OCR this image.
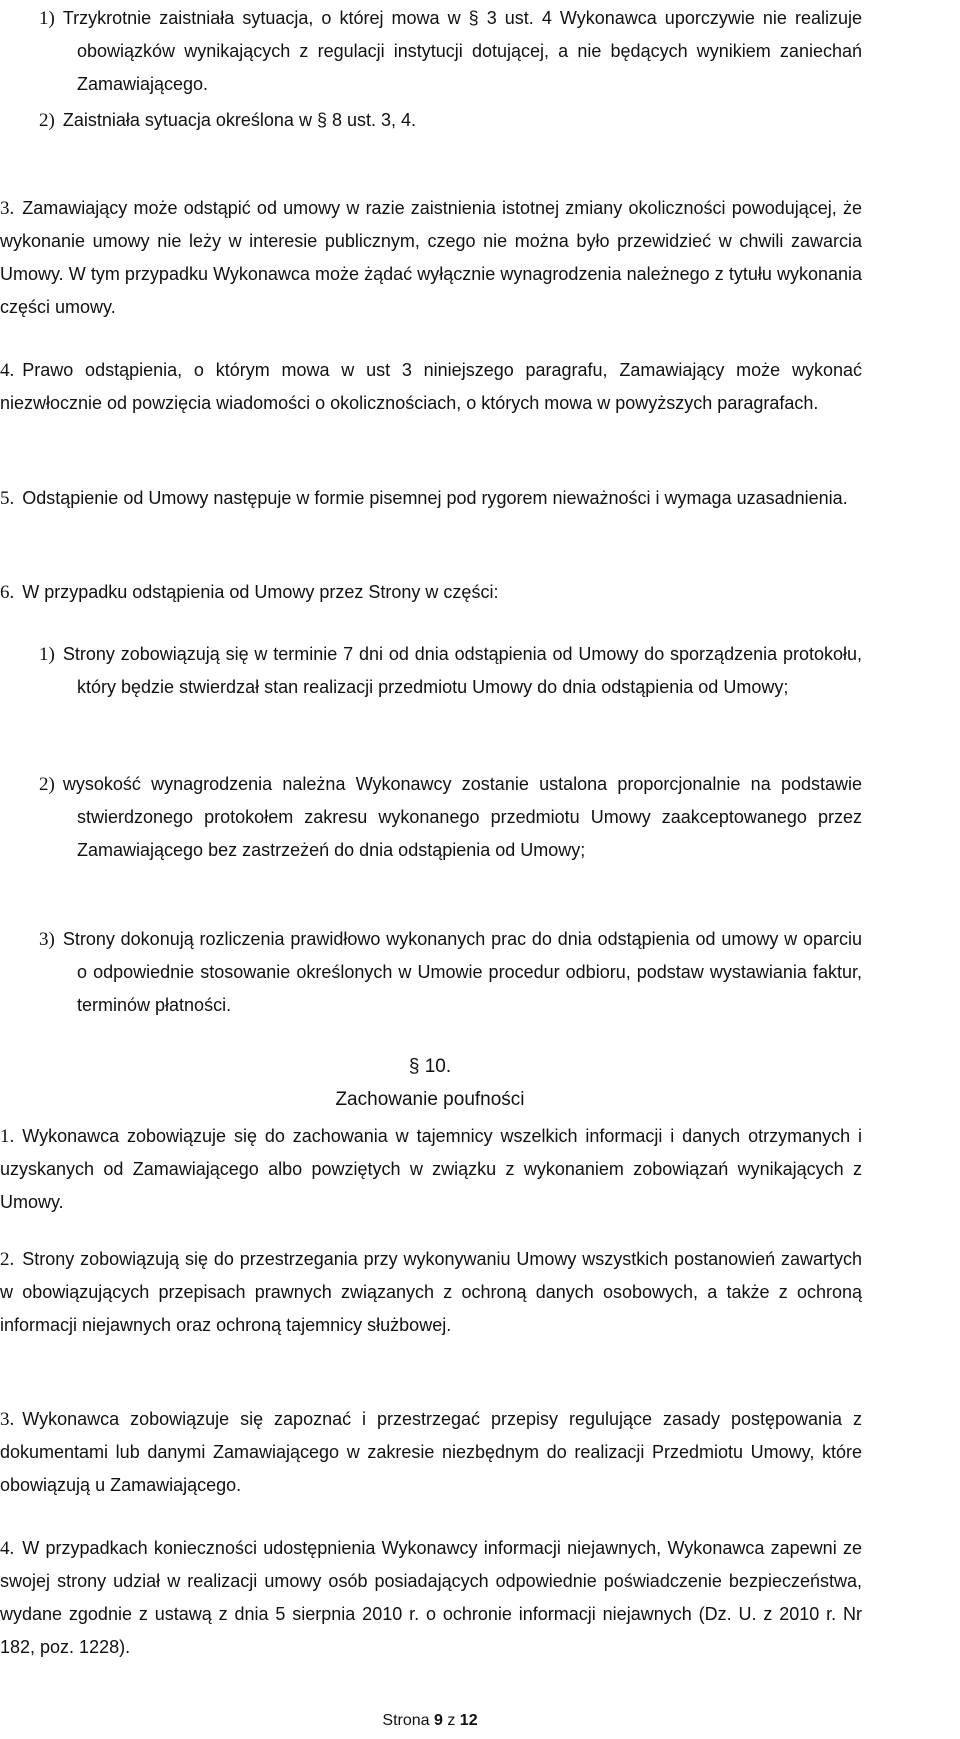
1) Trzykrotnie zaistniała sytuacja, o której mowa w § 3 ust. 4 Wykonawca uporczywie nie realizuje obowiązków wynikających z regulacji instytucji dotującej, a nie będących wynikiem zaniechań Zamawiającego.

2) Zaistniała sytuacja określona w § 8 ust. 3, 4.

3. Zamawiający może odstąpić od umowy w razie zaistnienia istotnej zmiany okoliczności powodującej, że wykonanie umowy nie leży w interesie publicznym, czego nie można było przewidzieć w chwili zawarcia Umowy. W tym przypadku Wykonawca może żądać wyłącznie wynagrodzenia należnego z tytułu wykonania części umowy.

4. Prawo odstąpienia, o którym mowa w ust 3 niniejszego paragrafu, Zamawiający może wykonać niezwłocznie od powzięcia wiadomości o okolicznościach, o których mowa w powyższych paragrafach.

5. Odstąpienie od Umowy następuje w formie pisemnej pod rygorem nieważności i wymaga uzasadnienia.

6. W przypadku odstąpienia od Umowy przez Strony w części:

1) Strony zobowiązują się w terminie 7 dni od dnia odstąpienia od Umowy do sporządzenia protokołu, który będzie stwierdzał stan realizacji przedmiotu Umowy do dnia odstąpienia od Umowy;

2) wysokość wynagrodzenia należna Wykonawcy zostanie ustalona proporcjonalnie na podstawie stwierdzonego protokołem zakresu wykonanego przedmiotu Umowy zaakceptowanego przez Zamawiającego bez zastrzeżeń do dnia odstąpienia od Umowy;

3) Strony dokonują rozliczenia prawidłowo wykonanych prac do dnia odstąpienia od umowy w oparciu o odpowiednie stosowanie określonych w Umowie procedur odbioru, podstaw wystawiania faktur, terminów płatności.

§ 10.

Zachowanie poufności

1. Wykonawca zobowiązuje się do zachowania w tajemnicy wszelkich informacji i danych otrzymanych i uzyskanych od Zamawiającego albo powziętych w związku z wykonaniem zobowiązań wynikających z Umowy.

2. Strony zobowiązują się do przestrzegania przy wykonywaniu Umowy wszystkich postanowień zawartych w obowiązujących przepisach prawnych związanych z ochroną danych osobowych, a także z ochroną informacji niejawnych oraz ochroną tajemnicy służbowej.

3. Wykonawca zobowiązuje się zapoznać i przestrzegać przepisy regulujące zasady postępowania z dokumentami lub danymi Zamawiającego w zakresie niezbędnym do realizacji Przedmiotu Umowy, które obowiązują u Zamawiającego.

4. W przypadkach konieczności udostępnienia Wykonawcy informacji niejawnych, Wykonawca zapewni ze swojej strony udział w realizacji umowy osób posiadających odpowiednie poświadczenie bezpieczeństwa, wydane zgodnie z ustawą z dnia 5 sierpnia 2010 r. o ochronie informacji niejawnych (Dz. U. z 2010 r. Nr 182, poz. 1228).

Strona 9 z 12
